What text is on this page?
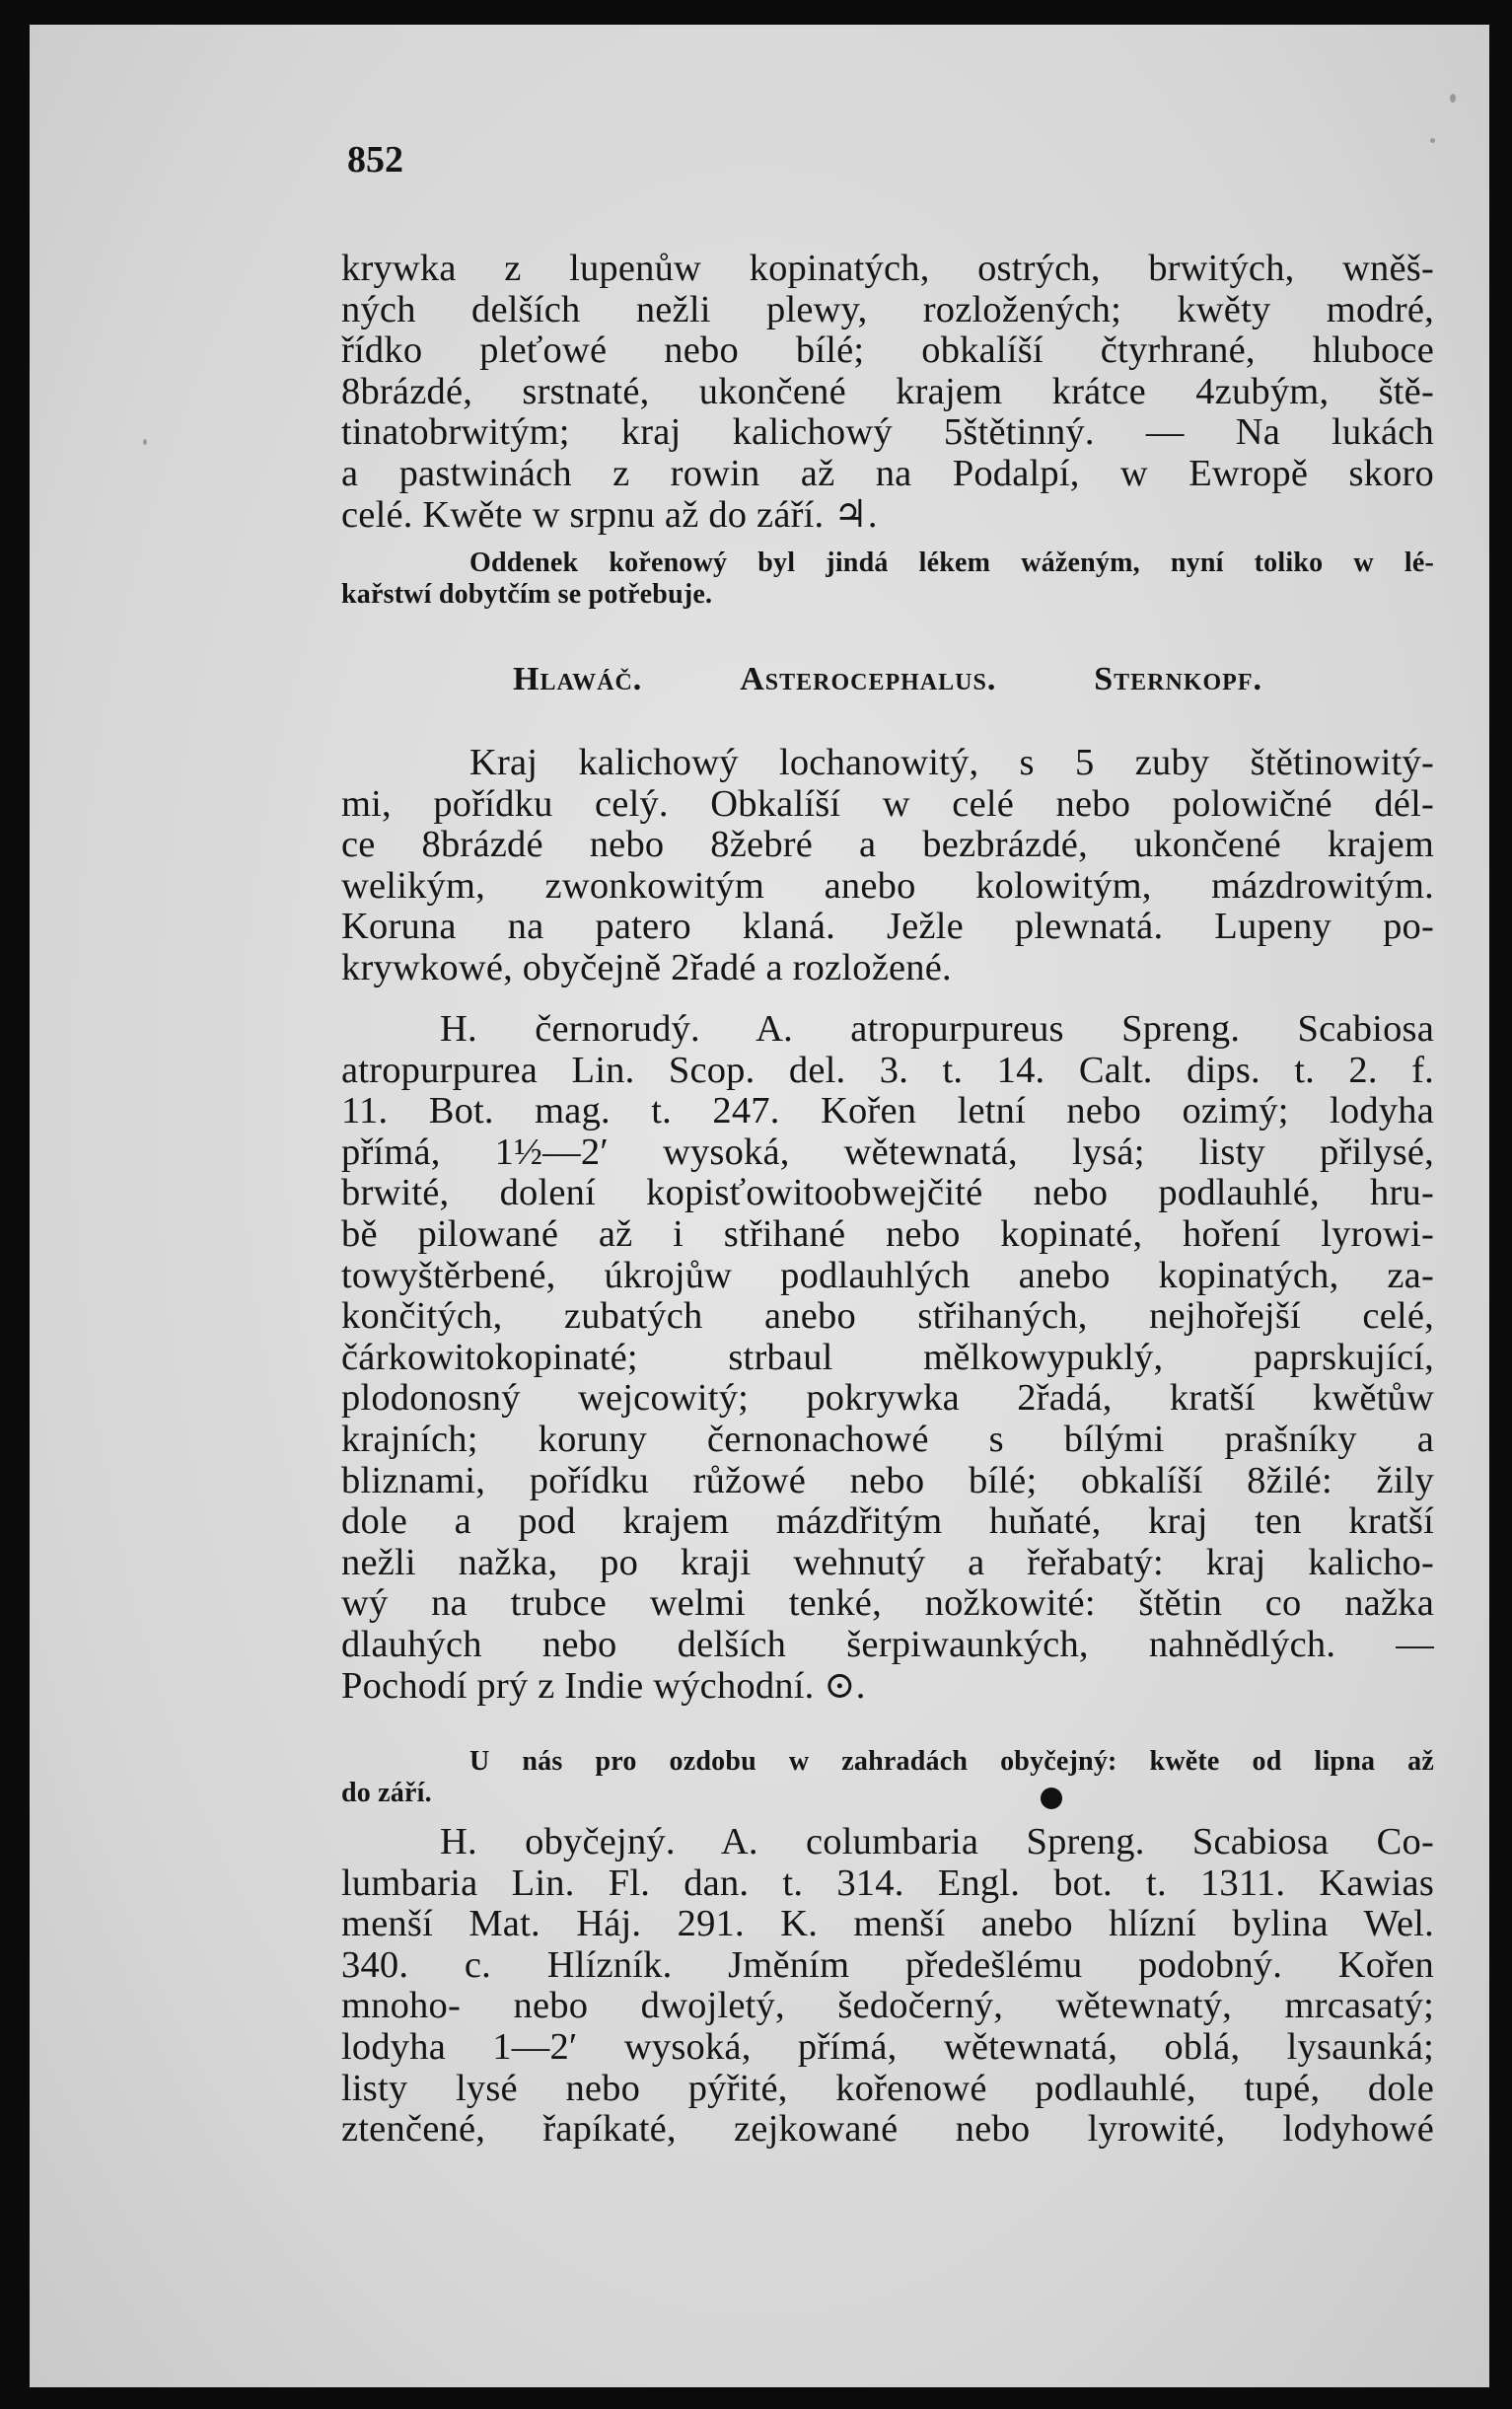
852
krywka z lupenůw kopinatých, ostrých, brwitých, wněš-
ných delších nežli plewy, rozložených; kwěty modré,
řídko pleťowé nebo bílé; obkalíší čtyrhrané, hluboce
8brázdé, srstnaté, ukončené krajem krátce 4zubým, ště-
tinatobrwitým; kraj kalichowý 5štětinný. — Na lukách
a pastwinách z rowin až na Podalpí, w Ewropě skoro
celé. Kwěte w srpnu až do září. ♃.
Oddenek kořenowý byl jindá lékem wáženým, nyní toliko w lé-
kařstwí dobytčím se potřebuje.
Hlawáč.	Asterocephalus.	Sternkopf.
Kraj kalichowý lochanowitý, s 5 zuby štětinowitý-
mi, pořídku celý. Obkalíší w celé nebo polowičné dél-
ce 8brázdé nebo 8žebré a bezbrázdé, ukončené krajem
welikým, zwonkowitým anebo kolowitým, mázdrowitým.
Koruna na patero klaná. Ježle plewnatá. Lupeny po-
krywkowé, obyčejně 2řadé a rozložené.
H. černorudý. A. atropurpureus Spreng. Scabiosa
atropurpurea Lin. Scop. del. 3. t. 14. Calt. dips. t. 2. f.
11. Bot. mag. t. 247. Kořen letní nebo ozimý; lodyha
přímá, 1½—2′ wysoká, wětewnatá, lysá; listy přilysé,
brwité, dolení kopisťowitoobwejčité nebo podlauhlé, hru-
bě pilowané až i střihané nebo kopinaté, hoření lyrowi-
towyštěrbené, úkrojůw podlauhlých anebo kopinatých, za-
končitých, zubatých anebo střihaných, nejhořejší celé,
čárkowitokopinaté; strbaul mělkowypuklý, paprskující,
plodonosný wejcowitý; pokrywka 2řadá, kratší kwětůw
krajních; koruny černonachowé s bílými prašníky a
bliznami, pořídku růžowé nebo bílé; obkalíší 8žilé: žily
dole a pod krajem mázdřitým huňaté, kraj ten kratší
nežli nažka, po kraji wehnutý a řeřabatý: kraj kalicho-
wý na trubce welmi tenké, nožkowité: štětin co nažka
dlauhých nebo delších šerpiwaunkých, nahnědlých. —
Pochodí prý z Indie wýchodní. ⊙.
U nás pro ozdobu w zahradách obyčejný: kwěte od lipna až
do září.
H. obyčejný. A. columbaria Spreng. Scabiosa Co-
lumbaria Lin. Fl. dan. t. 314. Engl. bot. t. 1311. Kawias
menší Mat. Háj. 291. K. menší anebo hlízní bylina Wel.
340. c. Hlízník. Jměním předešlému podobný. Kořen
mnoho- nebo dwojletý, šedočerný, wětewnatý, mrcasatý;
lodyha 1—2′ wysoká, přímá, wětewnatá, oblá, lysaunká;
listy lysé nebo pýřité, kořenowé podlauhlé, tupé, dole
ztenčené, řapíkaté, zejkowané nebo lyrowité, lodyhowé
